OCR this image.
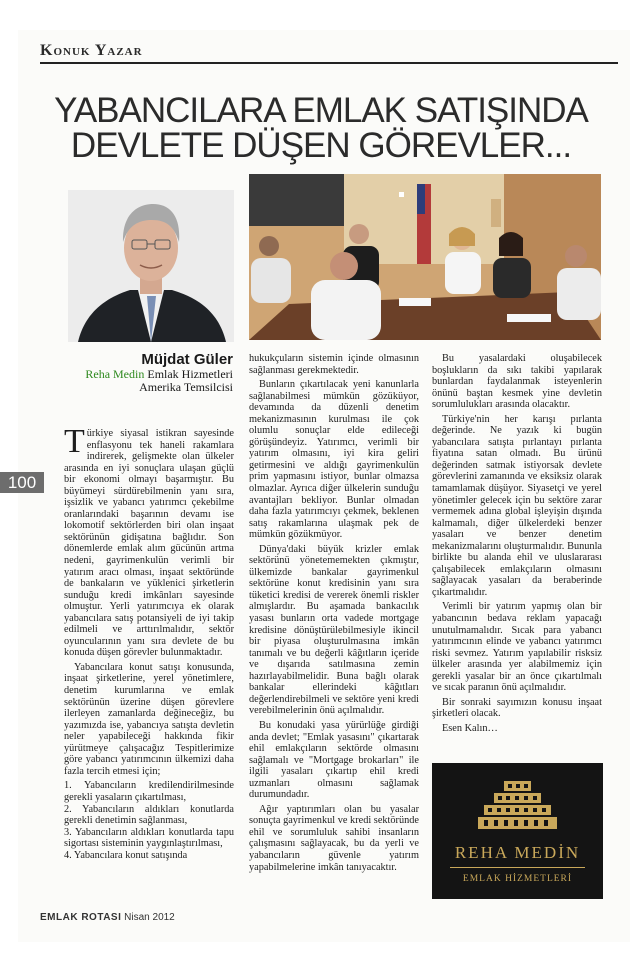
Konuk Yazar
YABANCILARA EMLAK SATIŞINDA
DEVLETE DÜŞEN GÖREVLER...
Müjdat Güler
Reha Medin Emlak Hizmetleri
Amerika Temsilcisi
100

Türkiye siyasal istikran sayesinde enflasyonu tek haneli rakamlara indirerek, gelişmekte olan ülkeler arasında en iyi sonuçlara ulaşan güçlü bir ekonomi olmayı başarmıştır. Bu büyümeyi sürdürebilmenin yanı sıra, işsizlik ve yabancı yatırımcı çekebilme oranlarındaki başarının devamı ise lokomotif sektörlerden biri olan inşaat sektörünün gidişatına bağlıdır. Son dönemlerde emlak alım gücünün artma nedeni, gayrimenkulün verimli bir yatırım aracı olması, inşaat sektöründe de bankaların ve yüklenici şirketlerin sunduğu kredi imkânları sayesinde olmuştur. Yerli yatırımcıya ek olarak yabancılara satış potansiyeli de iyi takip edilmeli ve arttırılmalıdır, sektör oyuncularının yanı sıra devlete de bu konuda düşen görevler bulunmaktadır.

Yabancılara konut satışı konusunda, inşaat şirketlerine, yerel yönetimlere, denetim kurumlarına ve emlak sektörünün üzerine düşen görevlere ilerleyen zamanlarda değineceğiz, bu yazımızda ise, yabancıya satışta devletin neler yapabileceği hakkında fikir yürütmeye çalışacağız Tespitlerimize göre yabancı yatırımcının ülkemizi daha fazla tercih etmesi için;

1. Yabancıların kredilendirilmesinde gerekli yasaların çıkartılması,
2. Yabancıların aldıkları konutlarda gerekli denetimin sağlanması,
3. Yabancıların aldıkları konutlarda tapu sigortası sisteminin yaygınlaştırılması,
4. Yabancılara konut satışında

hukukçuların sistemin içinde olmasının sağlanması gerekmektedir.

Bunların çıkartılacak yeni kanunlarla sağlanabilmesi mümkün gözüküyor, devamında da düzenli denetim mekanizmasının kurulması ile çok olumlu sonuçlar elde edileceği görüşündeyiz. Yatırımcı, verimli bir yatırım olmasını, iyi kira geliri getirmesini ve aldığı gayrimenkulün prim yapmasını istiyor, bunlar olmazsa olmazlar. Ayrıca diğer ülkelerin sunduğu avantajları bekliyor. Bunlar olmadan daha fazla yatırımcıyı çekmek, beklenen satış rakamlarına ulaşmak pek de mümkün gözükmüyor.

Dünya'daki büyük krizler emlak sektörünü yönetememekten çıkmıştır, ülkemizde bankalar gayrimenkul sektörüne konut kredisinin yanı sıra tüketici kredisi de vererek önemli riskler almışlardır. Bu aşamada bankacılık yasası bunların orta vadede mortgage kredisine dönüştürülebilmesiyle ikincil bir piyasa oluşturulmasına imkân tanımalı ve bu değerli kâğıtların içeride ve dışarıda satılmasına zemin hazırlayabilmelidir. Buna bağlı olarak bankalar ellerindeki kâğıtları değerlendirebilmeli ve sektöre yeni kredi verebilmelerinin önü açılmalıdır.

Bu konudaki yasa yürürlüğe girdiği anda devlet; "Emlak yasasını" çıkartarak ehil emlakçıların sektörde olmasını sağlamalı ve "Mortgage brokarları" ile ilgili yasaları çıkartıp ehil kredi uzmanları olmasını sağlamak durumundadır.

Ağır yaptırımları olan bu yasalar sonuçta gayrimenkul ve kredi sektöründe ehil ve sorumluluk sahibi insanların çalışmasını sağlayacak, bu da yerli ve yabancıların güvenle yatırım yapabilmelerine imkân tanıyacaktır.

Bu yasalardaki oluşabilecek boşlukların da sıkı takibi yapılarak bunlardan faydalanmak isteyenlerin önünü baştan kesmek yine devletin sorumlulukları arasında olacaktır.

Türkiye'nin her karışı pırlanta değerinde. Ne yazık ki bugün yabancılara satışta pırlantayı pırlanta fiyatına satan olmadı. Bu ürünü değerinden satmak istiyorsak devlete görevlerini zamanında ve eksiksiz olarak tamamlamak düşüyor. Siyasetçi ve yerel yönetimler gelecek için bu sektöre zarar vermemek adına global işleyişin dışında kalmamalı, diğer ülkelerdeki benzer yasaları ve benzer denetim mekanizmalarını oluşturmalıdır. Bununla birlikte bu alanda ehil ve uluslararası çalışabilecek emlakçıların olmasını sağlayacak yasaları da beraberinde çıkartmalıdır.

Verimli bir yatırım yapmış olan bir yabancının bedava reklam yapacağı unutulmamalıdır. Sıcak para yabancı yatırımcının elinde ve yabancı yatırımcı riski sevmez. Yatırım yapılabilir risksiz ülkeler arasında yer alabilmemiz için gerekli yasalar bir an önce çıkartılmalı ve sıcak paranın önü açılmalıdır.

Bir sonraki sayımızın konusu inşaat şirketleri olacak.

Esen Kalın…

REHA MEDİN
EMLAK HİZMETLERİ
EMLAK ROTASI Nisan 2012
